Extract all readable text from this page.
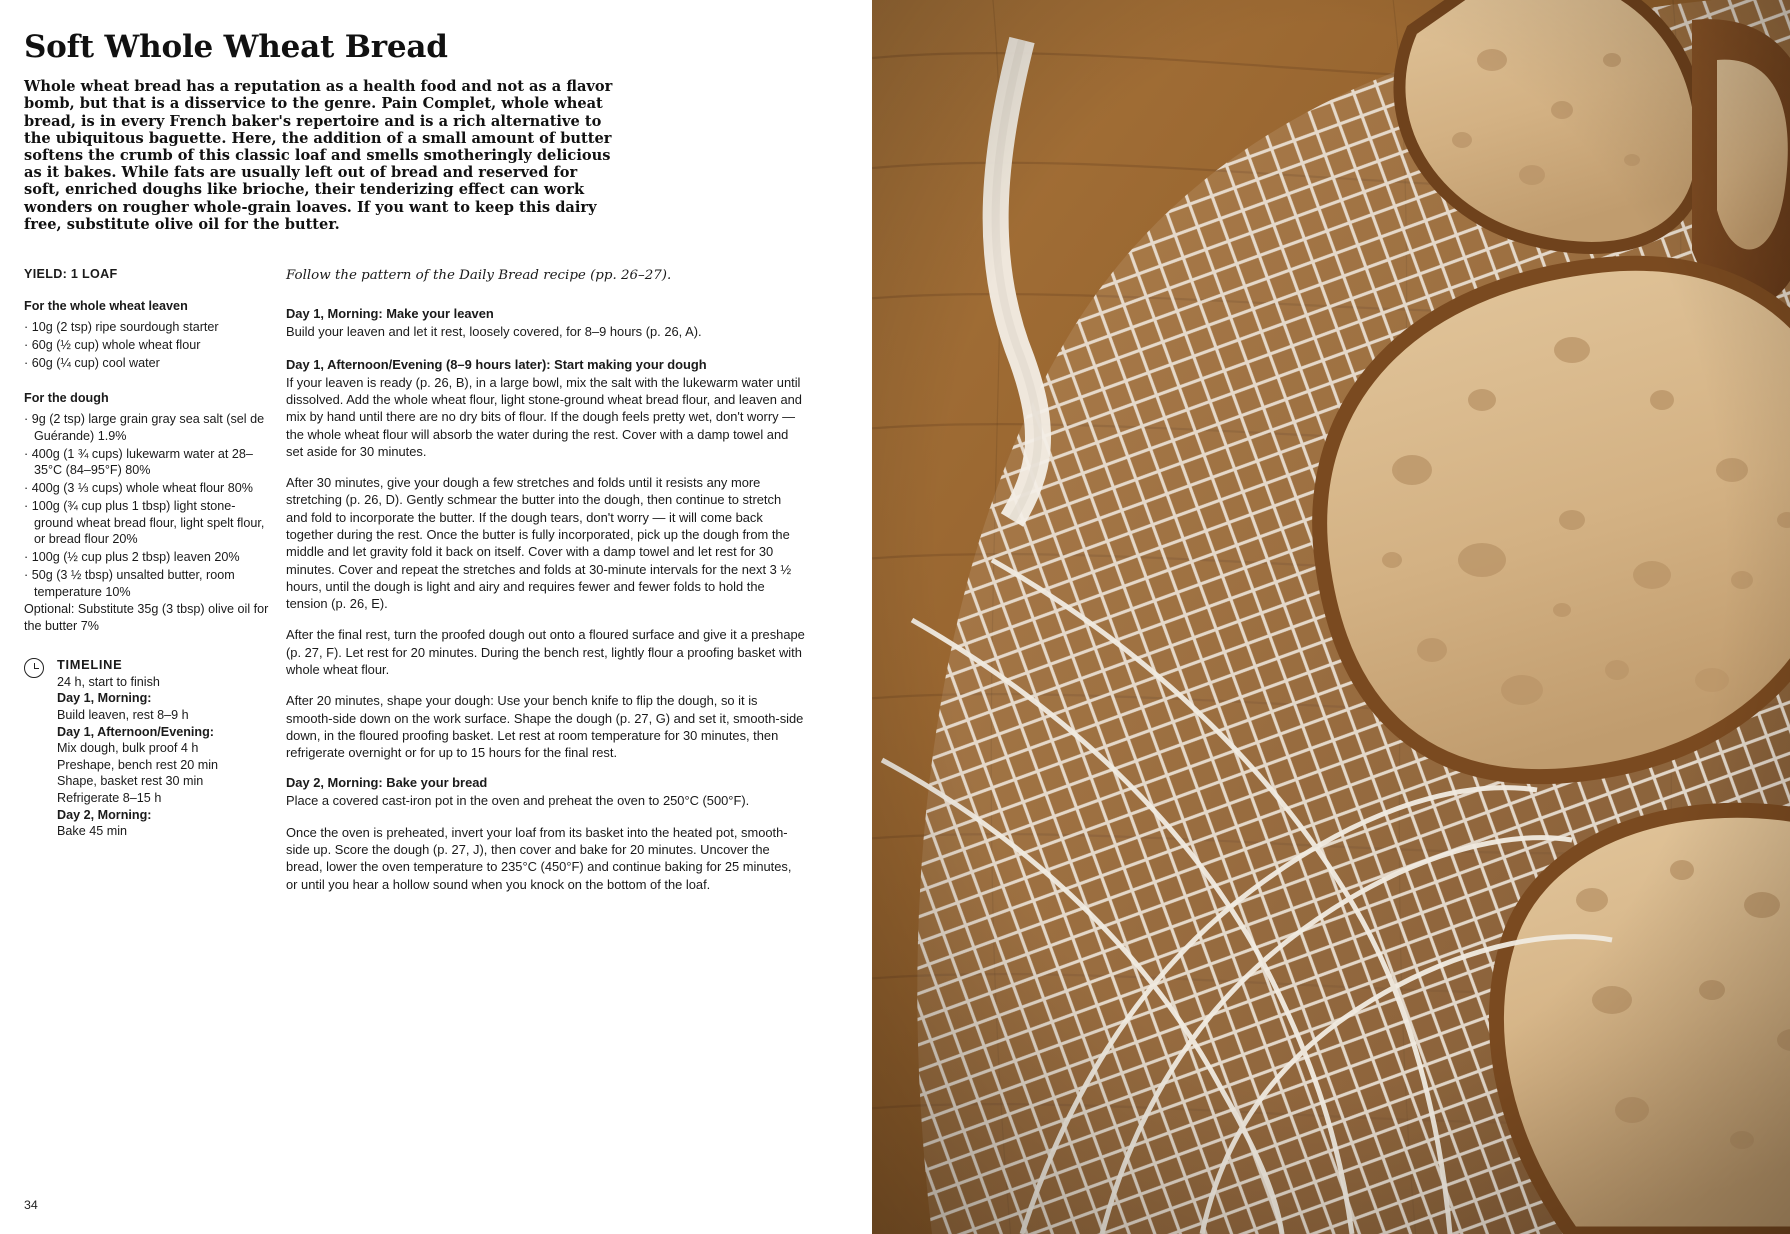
Soft Whole Wheat Bread

Whole wheat bread has a reputation as a health food and not as a flavor bomb, but that is a disservice to the genre. Pain Complet, whole wheat bread, is in every French baker's repertoire and is a rich alternative to the ubiquitous baguette. Here, the addition of a small amount of butter softens the crumb of this classic loaf and smells smotheringly delicious as it bakes. While fats are usually left out of bread and reserved for soft, enriched doughs like brioche, their tenderizing effect can work wonders on rougher whole-grain loaves. If you want to keep this dairy free, substitute olive oil for the butter.

YIELD: 1 LOAF
For the whole wheat leaven
· 10g (2 tsp) ripe sourdough starter
· 60g (½ cup) whole wheat flour
· 60g (¼ cup) cool water
For the dough
· 9g (2 tsp) large grain gray sea salt (sel de Guérande) 1.9%
· 400g (1 ¾ cups) lukewarm water at 28–35°C (84–95°F) 80%
· 400g (3 ⅓ cups) whole wheat flour 80%
· 100g (¾ cup plus 1 tbsp) light stone-ground wheat bread flour, light spelt flour, or bread flour 20%
· 100g (½ cup plus 2 tbsp) leaven 20%
· 50g (3 ½ tbsp) unsalted butter, room temperature 10%
Optional: Substitute 35g (3 tbsp) olive oil for the butter 7%
TIMELINE
24 h, start to finish
Day 1, Morning:
Build leaven, rest 8–9 h
Day 1, Afternoon/Evening:
Mix dough, bulk proof 4 h
Preshape, bench rest 20 min
Shape, basket rest 30 min
Refrigerate 8–15 h
Day 2, Morning:
Bake 45 min

Follow the pattern of the Daily Bread recipe (pp. 26–27).

Day 1, Morning: Make your leaven

Build your leaven and let it rest, loosely covered, for 8–9 hours (p. 26, A).

Day 1, Afternoon/Evening (8–9 hours later): Start making your dough

If your leaven is ready (p. 26, B), in a large bowl, mix the salt with the lukewarm water until dissolved. Add the whole wheat flour, light stone-ground wheat bread flour, and leaven and mix by hand until there are no dry bits of flour. If the dough feels pretty wet, don't worry — the whole wheat flour will absorb the water during the rest. Cover with a damp towel and set aside for 30 minutes.

After 30 minutes, give your dough a few stretches and folds until it resists any more stretching (p. 26, D). Gently schmear the butter into the dough, then continue to stretch and fold to incorporate the butter. If the dough tears, don't worry — it will come back together during the rest. Once the butter is fully incorporated, pick up the dough from the middle and let gravity fold it back on itself. Cover with a damp towel and let rest for 30 minutes. Cover and repeat the stretches and folds at 30-minute intervals for the next 3 ½ hours, until the dough is light and airy and requires fewer and fewer folds to hold the tension (p. 26, E).

After the final rest, turn the proofed dough out onto a floured surface and give it a preshape (p. 27, F). Let rest for 20 minutes. During the bench rest, lightly flour a proofing basket with whole wheat flour.

After 20 minutes, shape your dough: Use your bench knife to flip the dough, so it is smooth-side down on the work surface. Shape the dough (p. 27, G) and set it, smooth-side down, in the floured proofing basket. Let rest at room temperature for 30 minutes, then refrigerate overnight or for up to 15 hours for the final rest.

Day 2, Morning: Bake your bread

Place a covered cast-iron pot in the oven and preheat the oven to 250°C (500°F).

Once the oven is preheated, invert your loaf from its basket into the heated pot, smooth-side up. Score the dough (p. 27, J), then cover and bake for 20 minutes. Uncover the bread, lower the oven temperature to 235°C (450°F) and continue baking for 25 minutes, or until you hear a hollow sound when you knock on the bottom of the loaf.

34
